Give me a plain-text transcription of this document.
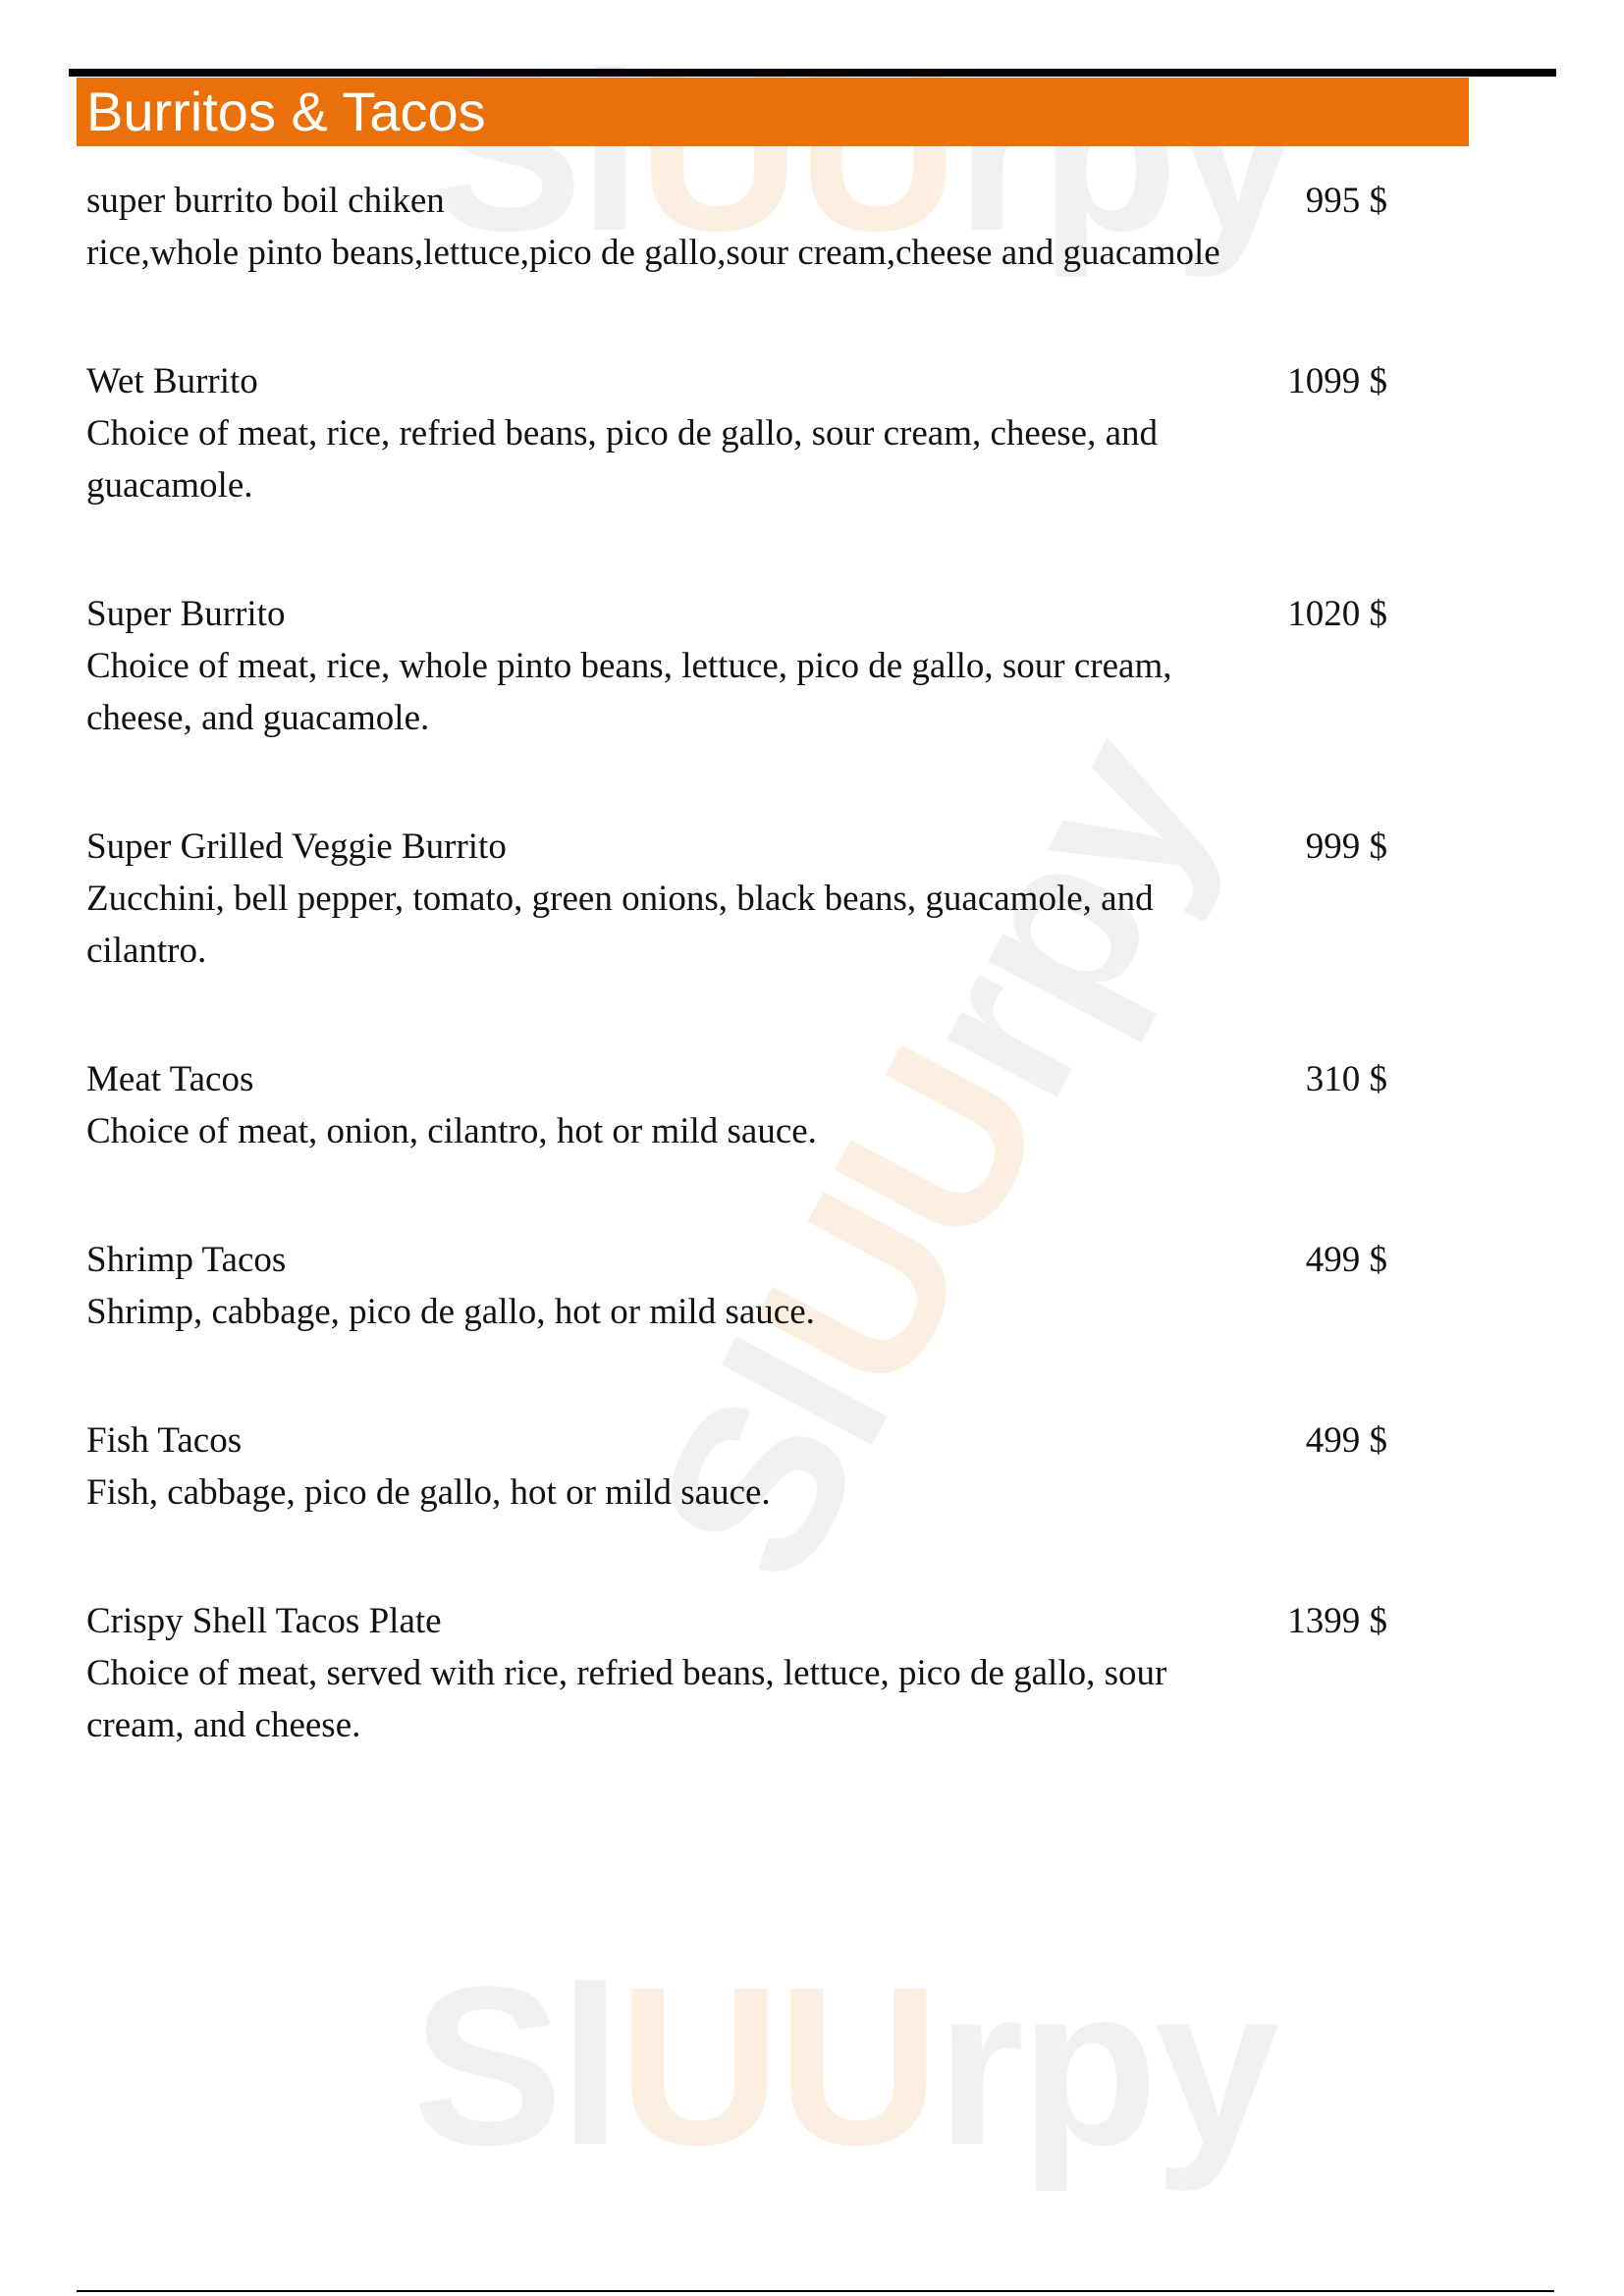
SlUUrpy
SlUUrpy
SlUUrpy
Burritos & Tacos
super burrito boil chiken
rice,whole pinto beans,lettuce,pico de gallo,sour cream,cheese and guacamole
995 $
Wet Burrito
Choice of meat, rice, refried beans, pico de gallo, sour cream, cheese, and guacamole.
1099 $
Super Burrito
Choice of meat, rice, whole pinto beans, lettuce, pico de gallo, sour cream, cheese, and guacamole.
1020 $
Super Grilled Veggie Burrito
Zucchini, bell pepper, tomato, green onions, black beans, guacamole, and cilantro.
999 $
Meat Tacos
Choice of meat, onion, cilantro, hot or mild sauce.
310 $
Shrimp Tacos
Shrimp, cabbage, pico de gallo, hot or mild sauce.
499 $
Fish Tacos
Fish, cabbage, pico de gallo, hot or mild sauce.
499 $
Crispy Shell Tacos Plate
Choice of meat, served with rice, refried beans, lettuce, pico de gallo, sour cream, and cheese.
1399 $
